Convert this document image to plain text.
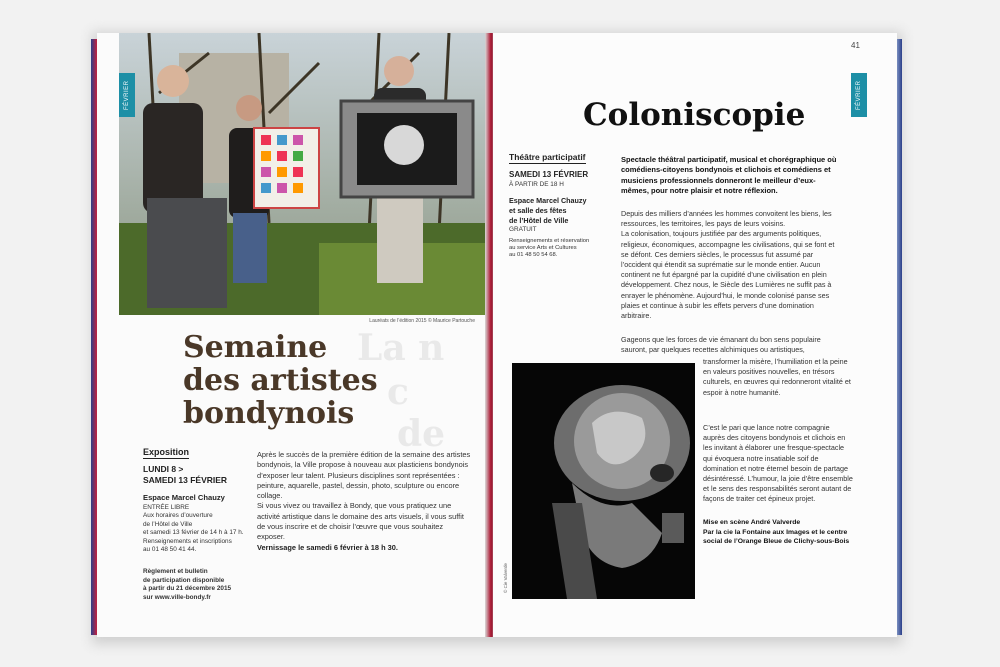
Lauréats de l’édition 2015 © Maurice Partouche
FÉVRIER
La n
c
de
Semaine
des artistes
bondynois
Exposition
LUNDI 8 >
SAMEDI 13 FÉVRIER
Espace Marcel Chauzy
ENTRÉE LIBRE
Aux horaires d’ouverture
de l’Hôtel de Ville
et samedi 13 février de 14 h à 17 h.
Renseignements et inscriptions
au 01 48 50 41 44.
Règlement et bulletin
de participation disponible
à partir du 21 décembre 2015
sur www.ville-bondy.fr
Après le succès de la première édition de la semaine des artistes bondynois, la Ville propose à nouveau aux plasticiens bondynois d’exposer leur talent. Plusieurs disciplines sont représentées : peinture, aquarelle, pastel, dessin, photo, sculpture ou encore collage.
Si vous vivez ou travaillez à Bondy, que vous pratiquez une activité artistique dans le domaine des arts visuels, il vous suffit de vous inscrire et de choisir l’œuvre que vous souhaitez exposer.
Vernissage le samedi 6 février à 18 h 30.
41
FÉVRIER
Coloniscopie
Théâtre participatif
SAMEDI 13 FÉVRIER
À PARTIR DE 18 H
Espace Marcel Chauzy
et salle des fêtes
de l’Hôtel de Ville
GRATUIT
Renseignements et réservation
au service Arts et Cultures
au 01 48 50 54 68.
Spectacle théâtral participatif, musical et chorégraphique où comédiens-citoyens bondynois et clichois et comédiens et musiciens professionnels donneront le meilleur d’eux-mêmes, pour notre plaisir et notre réflexion.
Depuis des milliers d’années les hommes convoitent les biens, les ressources, les territoires, les pays de leurs voisins.
La colonisation, toujours justifiée par des arguments politiques, religieux, économiques, accompagne les civilisations, qui se font et se défont. Ces derniers siècles, le processus fut assumé par l’occident qui étendit sa suprématie sur le monde entier. Aucun continent ne fut épargné par la cupidité d’une civilisation en plein développement. Chez nous, le Siècle des Lumières ne suffit pas à enrayer le phénomène. Aujourd’hui, le monde colonisé panse ses plaies et continue à subir les effets pervers d’une domination arbitraire.
Gageons que les forces de vie émanant du bon sens populaire sauront, par quelques recettes alchimiques ou artistiques,
© Cie Valverde
transformer la misère, l’humiliation et la peine en valeurs positives nouvelles, en trésors culturels, en œuvres qui redonneront vitalité et espoir à notre humanité.
C’est le pari que lance notre compagnie auprès des citoyens bondynois et clichois en les invitant à élaborer une fresque-spectacle qui évoquera notre insatiable soif de domination et notre éternel besoin de partage désintéressé. L’humour, la joie d’être ensemble et le sens des responsabilités seront autant de façons de traiter cet épineux projet.
Mise en scène André Valverde
Par la cie la Fontaine aux Images et le centre social de l’Orange Bleue de Clichy-sous-Bois
